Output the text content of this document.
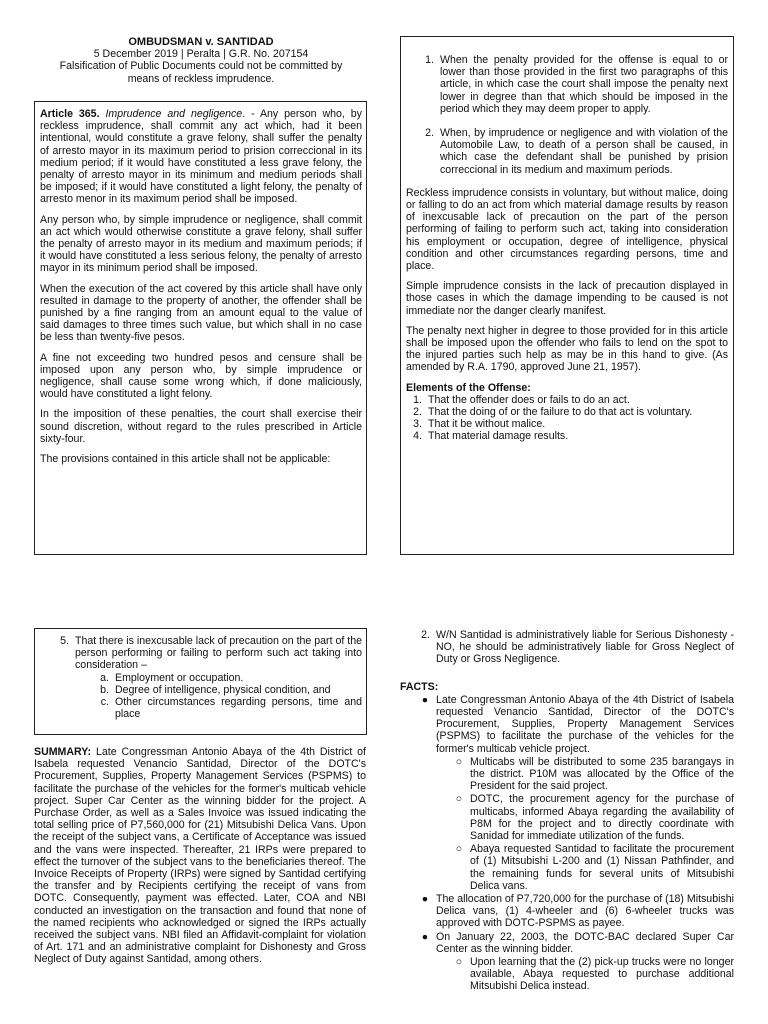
OMBUDSMAN v. SANTIDAD
5 December 2019 | Peralta | G.R. No. 207154
Falsification of Public Documents could not be committed by means of reckless imprudence.

Article 365. Imprudence and negligence. - Any person who, by reckless imprudence, shall commit any act which, had it been intentional, would constitute a grave felony, shall suffer the penalty of arresto mayor in its maximum period to prision correccional in its medium period; if it would have constituted a less grave felony, the penalty of arresto mayor in its minimum and medium periods shall be imposed; if it would have constituted a light felony, the penalty of arresto menor in its maximum period shall be imposed.

Any person who, by simple imprudence or negligence, shall commit an act which would otherwise constitute a grave felony, shall suffer the penalty of arresto mayor in its medium and maximum periods; if it would have constituted a less serious felony, the penalty of arresto mayor in its minimum period shall be imposed.

When the execution of the act covered by this article shall have only resulted in damage to the property of another, the offender shall be punished by a fine ranging from an amount equal to the value of said damages to three times such value, but which shall in no case be less than twenty-five pesos.

A fine not exceeding two hundred pesos and censure shall be imposed upon any person who, by simple imprudence or negligence, shall cause some wrong which, if done maliciously, would have constituted a light felony.

In the imposition of these penalties, the court shall exercise their sound discretion, without regard to the rules prescribed in Article sixty-four.

The provisions contained in this article shall not be applicable:

1. When the penalty provided for the offense is equal to or lower than those provided in the first two paragraphs of this article, in which case the court shall impose the penalty next lower in degree than that which should be imposed in the period which they may deem proper to apply.
2. When, by imprudence or negligence and with violation of the Automobile Law, to death of a person shall be caused, in which case the defendant shall be punished by prision correccional in its medium and maximum periods.

Reckless imprudence consists in voluntary, but without malice, doing or falling to do an act from which material damage results by reason of inexcusable lack of precaution on the part of the person performing of failing to perform such act, taking into consideration his employment or occupation, degree of intelligence, physical condition and other circumstances regarding persons, time and place.

Simple imprudence consists in the lack of precaution displayed in those cases in which the damage impending to be caused is not immediate nor the danger clearly manifest.

The penalty next higher in degree to those provided for in this article shall be imposed upon the offender who fails to lend on the spot to the injured parties such help as may be in this hand to give. (As amended by R.A. 1790, approved June 21, 1957).

Elements of the Offense:
1. That the offender does or fails to do an act.
2. That the doing of or the failure to do that act is voluntary.
3. That it be without malice.
4. That material damage results.
5. That there is inexcusable lack of precaution on the part of the person performing or failing to perform such act taking into consideration –
a. Employment or occupation.
b. Degree of intelligence, physical condition, and
c. Other circumstances regarding persons, time and place

SUMMARY: Late Congressman Antonio Abaya of the 4th District of Isabela requested Venancio Santidad, Director of the DOTC's Procurement, Supplies, Property Management Services (PSPMS) to facilitate the purchase of the vehicles for the former's multicab vehicle project. Super Car Center as the winning bidder for the project. A Purchase Order, as well as a Sales Invoice was issued indicating the total selling price of P7,560,000 for (21) Mitsubishi Delica Vans. Upon the receipt of the subject vans, a Certificate of Acceptance was issued and the vans were inspected. Thereafter, 21 IRPs were prepared to effect the turnover of the subject vans to the beneficiaries thereof. The Invoice Receipts of Property (IRPs) were signed by Santidad certifying the transfer and by Recipients certifying the receipt of vans from DOTC. Consequently, payment was effected. Later, COA and NBI conducted an investigation on the transaction and found that none of the named recipients who acknowledged or signed the IRPs actually received the subject vans. NBI filed an Affidavit-complaint for violation of Art. 171 and an administrative complaint for Dishonesty and Gross Neglect of Duty against Santidad, among others.

2. W/N Santidad is administratively liable for Serious Dishonesty - NO, he should be administratively liable for Gross Neglect of Duty or Gross Negligence.
FACTS:
● Late Congressman Antonio Abaya of the 4th District of Isabela requested Venancio Santidad, Director of the DOTC's Procurement, Supplies, Property Management Services (PSPMS) to facilitate the purchase of the vehicles for the former's multicab vehicle project.
○ Multicabs will be distributed to some 235 barangays in the district. P10M was allocated by the Office of the President for the said project.
○ DOTC, the procurement agency for the purchase of multicabs, informed Abaya regarding the availability of P8M for the project and to directly coordinate with Sanidad for immediate utilization of the funds.
○ Abaya requested Santidad to facilitate the procurement of (1) Mitsubishi L-200 and (1) Nissan Pathfinder, and the remaining funds for several units of Mitsubishi Delica vans.
● The allocation of P7,720,000 for the purchase of (18) Mitsubishi Delica vans, (1) 4-wheeler and (6) 6-wheeler trucks was approved with DOTC-PSPMS as payee.
● On January 22, 2003, the DOTC-BAC declared Super Car Center as the winning bidder.
○ Upon learning that the (2) pick-up trucks were no longer available, Abaya requested to purchase additional Mitsubishi Delica instead.
